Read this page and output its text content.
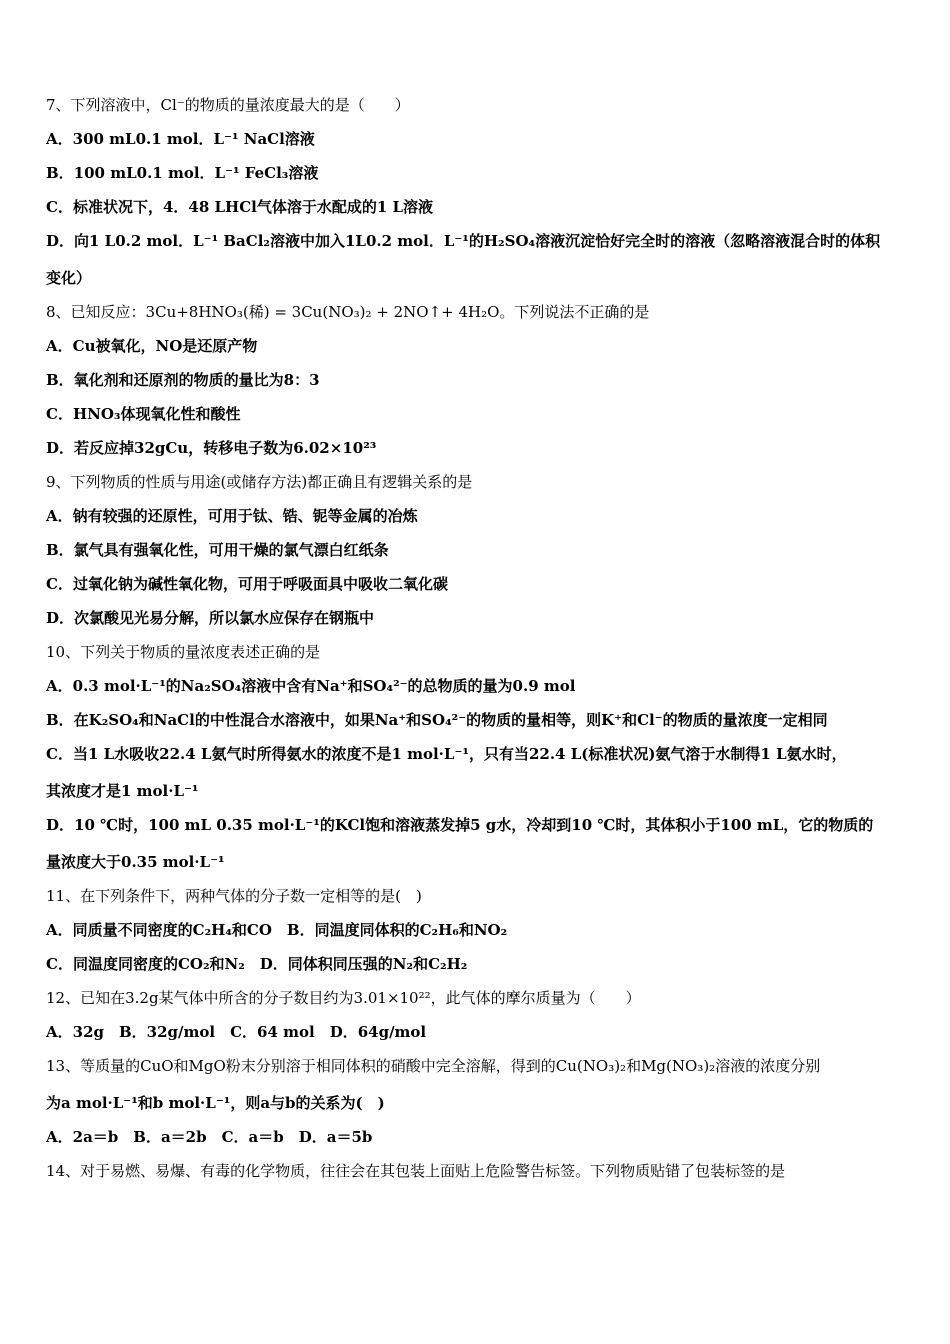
7、下列溶液中，Cl⁻的物质的量浓度最大的是（　　）
A．300 mL0.1 mol．L⁻¹ NaCl溶液
B．100 mL0.1 mol．L⁻¹ FeCl₃溶液
C．标准状况下，4．48 LHCl气体溶于水配成的1 L溶液
D．向1 L0.2 mol．L⁻¹ BaCl₂溶液中加入1L0.2 mol．L⁻¹的H₂SO₄溶液沉淀恰好完全时的溶液（忽略溶液混合时的体积
变化）
8、已知反应：3Cu+8HNO₃(稀) = 3Cu(NO₃)₂ + 2NO↑+ 4H₂O。下列说法不正确的是
A．Cu被氧化，NO是还原产物
B．氧化剂和还原剂的物质的量比为8：3
C．HNO₃体现氧化性和酸性
D．若反应掉32gCu，转移电子数为6.02×10²³
9、下列物质的性质与用途(或储存方法)都正确且有逻辑关系的是
A．钠有较强的还原性，可用于钛、锆、铌等金属的冶炼
B．氯气具有强氧化性，可用干燥的氯气漂白红纸条
C．过氧化钠为碱性氧化物，可用于呼吸面具中吸收二氧化碳
D．次氯酸见光易分解，所以氯水应保存在钢瓶中
10、下列关于物质的量浓度表述正确的是
A．0.3 mol·L⁻¹的Na₂SO₄溶液中含有Na⁺和SO₄²⁻的总物质的量为0.9 mol
B．在K₂SO₄和NaCl的中性混合水溶液中，如果Na⁺和SO₄²⁻的物质的量相等，则K⁺和Cl⁻的物质的量浓度一定相同
C．当1 L水吸收22.4 L氨气时所得氨水的浓度不是1 mol·L⁻¹，只有当22.4 L(标准状况)氨气溶于水制得1 L氨水时，
其浓度才是1 mol·L⁻¹
D．10 ℃时，100 mL 0.35 mol·L⁻¹的KCl饱和溶液蒸发掉5 g水，冷却到10 ℃时，其体积小于100 mL，它的物质的
量浓度大于0.35 mol·L⁻¹
11、在下列条件下，两种气体的分子数一定相等的是(　)
A．同质量不同密度的C₂H₄和CO　B．同温度同体积的C₂H₆和NO₂
C．同温度同密度的CO₂和N₂　D．同体积同压强的N₂和C₂H₂
12、已知在3.2g某气体中所含的分子数目约为3.01×10²²，此气体的摩尔质量为（　　）
A．32g　B．32g/mol　C．64 mol　D．64g/mol
13、等质量的CuO和MgO粉末分别溶于相同体积的硝酸中完全溶解，得到的Cu(NO₃)₂和Mg(NO₃)₂溶液的浓度分别
为a mol·L⁻¹和b mol·L⁻¹，则a与b的关系为(　)
A．2a＝b　B．a＝2b　C．a＝b　D．a＝5b
14、对于易燃、易爆、有毒的化学物质，往往会在其包装上面贴上危险警告标签。下列物质贴错了包装标签的是
